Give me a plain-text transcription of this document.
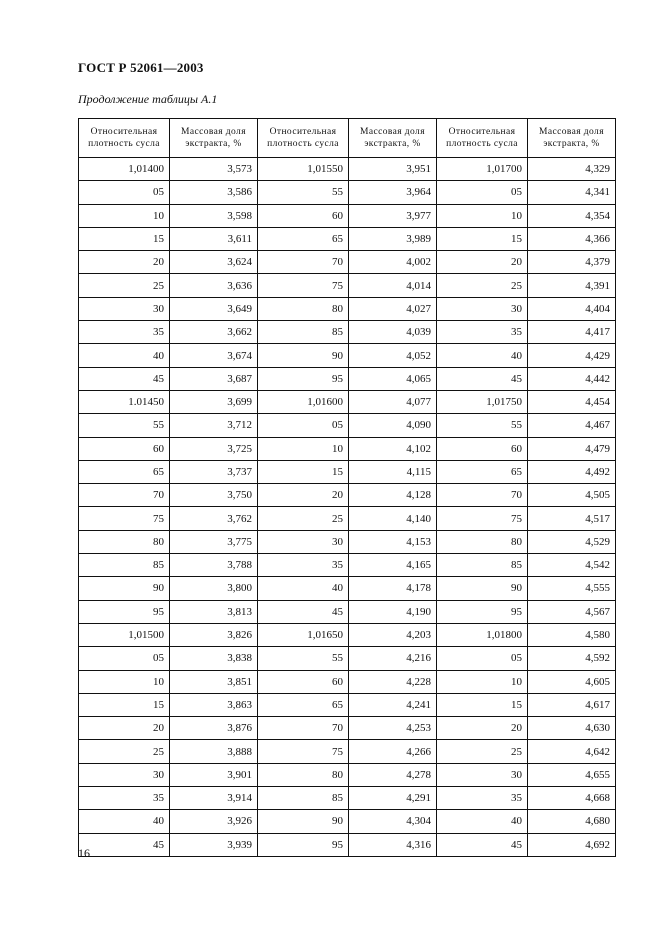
ГОСТ Р 52061—2003
Продолжение таблицы А.1
Относительная плотность сусла	Массовая доля экстракта, %	Относительная плотность сусла	Массовая доля экстракта, %	Относительная плотность сусла	Массовая доля экстракта, %
1,01400	3,573	1,01550	3,951	1,01700	4,329
05	3,586	55	3,964	05	4,341
10	3,598	60	3,977	10	4,354
15	3,611	65	3,989	15	4,366
20	3,624	70	4,002	20	4,379
25	3,636	75	4,014	25	4,391
30	3,649	80	4,027	30	4,404
35	3,662	85	4,039	35	4,417
40	3,674	90	4,052	40	4,429
45	3,687	95	4,065	45	4,442
1.01450	3,699	1,01600	4,077	1,01750	4,454
55	3,712	05	4,090	55	4,467
60	3,725	10	4,102	60	4,479
65	3,737	15	4,115	65	4,492
70	3,750	20	4,128	70	4,505
75	3,762	25	4,140	75	4,517
80	3,775	30	4,153	80	4,529
85	3,788	35	4,165	85	4,542
90	3,800	40	4,178	90	4,555
95	3,813	45	4,190	95	4,567
1,01500	3,826	1,01650	4,203	1,01800	4,580
05	3,838	55	4,216	05	4,592
10	3,851	60	4,228	10	4,605
15	3,863	65	4,241	15	4,617
20	3,876	70	4,253	20	4,630
25	3,888	75	4,266	25	4,642
30	3,901	80	4,278	30	4,655
35	3,914	85	4,291	35	4,668
40	3,926	90	4,304	40	4,680
45	3,939	95	4,316	45	4,692
16
